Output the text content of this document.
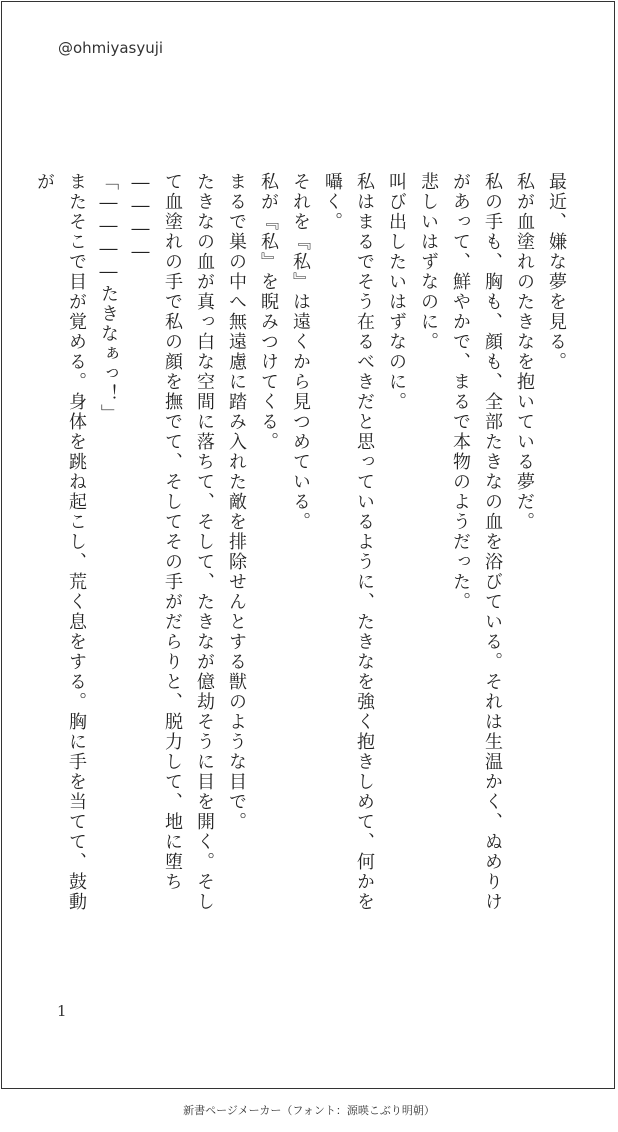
@ohmiyasyuji

最近、嫌な夢を見る。

私が血塗れのたきなを抱いている夢だ。

私の手も、胸も、顔も、全部たきなの血を浴びている。それは生温かく、ぬめりけがあって、鮮やかで、まるで本物のようだった。

悲しいはずなのに。

叫び出したいはずなのに。

私はまるでそう在るべきだと思っているように、たきなを強く抱きしめて、何かを囁く。

それを『私』は遠くから見つめている。

私が『私』を睨みつけてくる。

まるで巣の中へ無遠慮に踏み入れた敵を排除せんとする獣のような目で。

たきなの血が真っ白な空間に落ちて、そして、たきなが億劫そうに目を開く。そして血塗れの手で私の顔を撫でて、そしてその手がだらりと、脱力して、地に堕ち――――

「――――たきなぁっ！」

またそこで目が覚める。身体を跳ね起こし、荒く息をする。胸に手を当てて、鼓動が

1
新書ページメーカー（フォント：源暎こぶり明朝）
